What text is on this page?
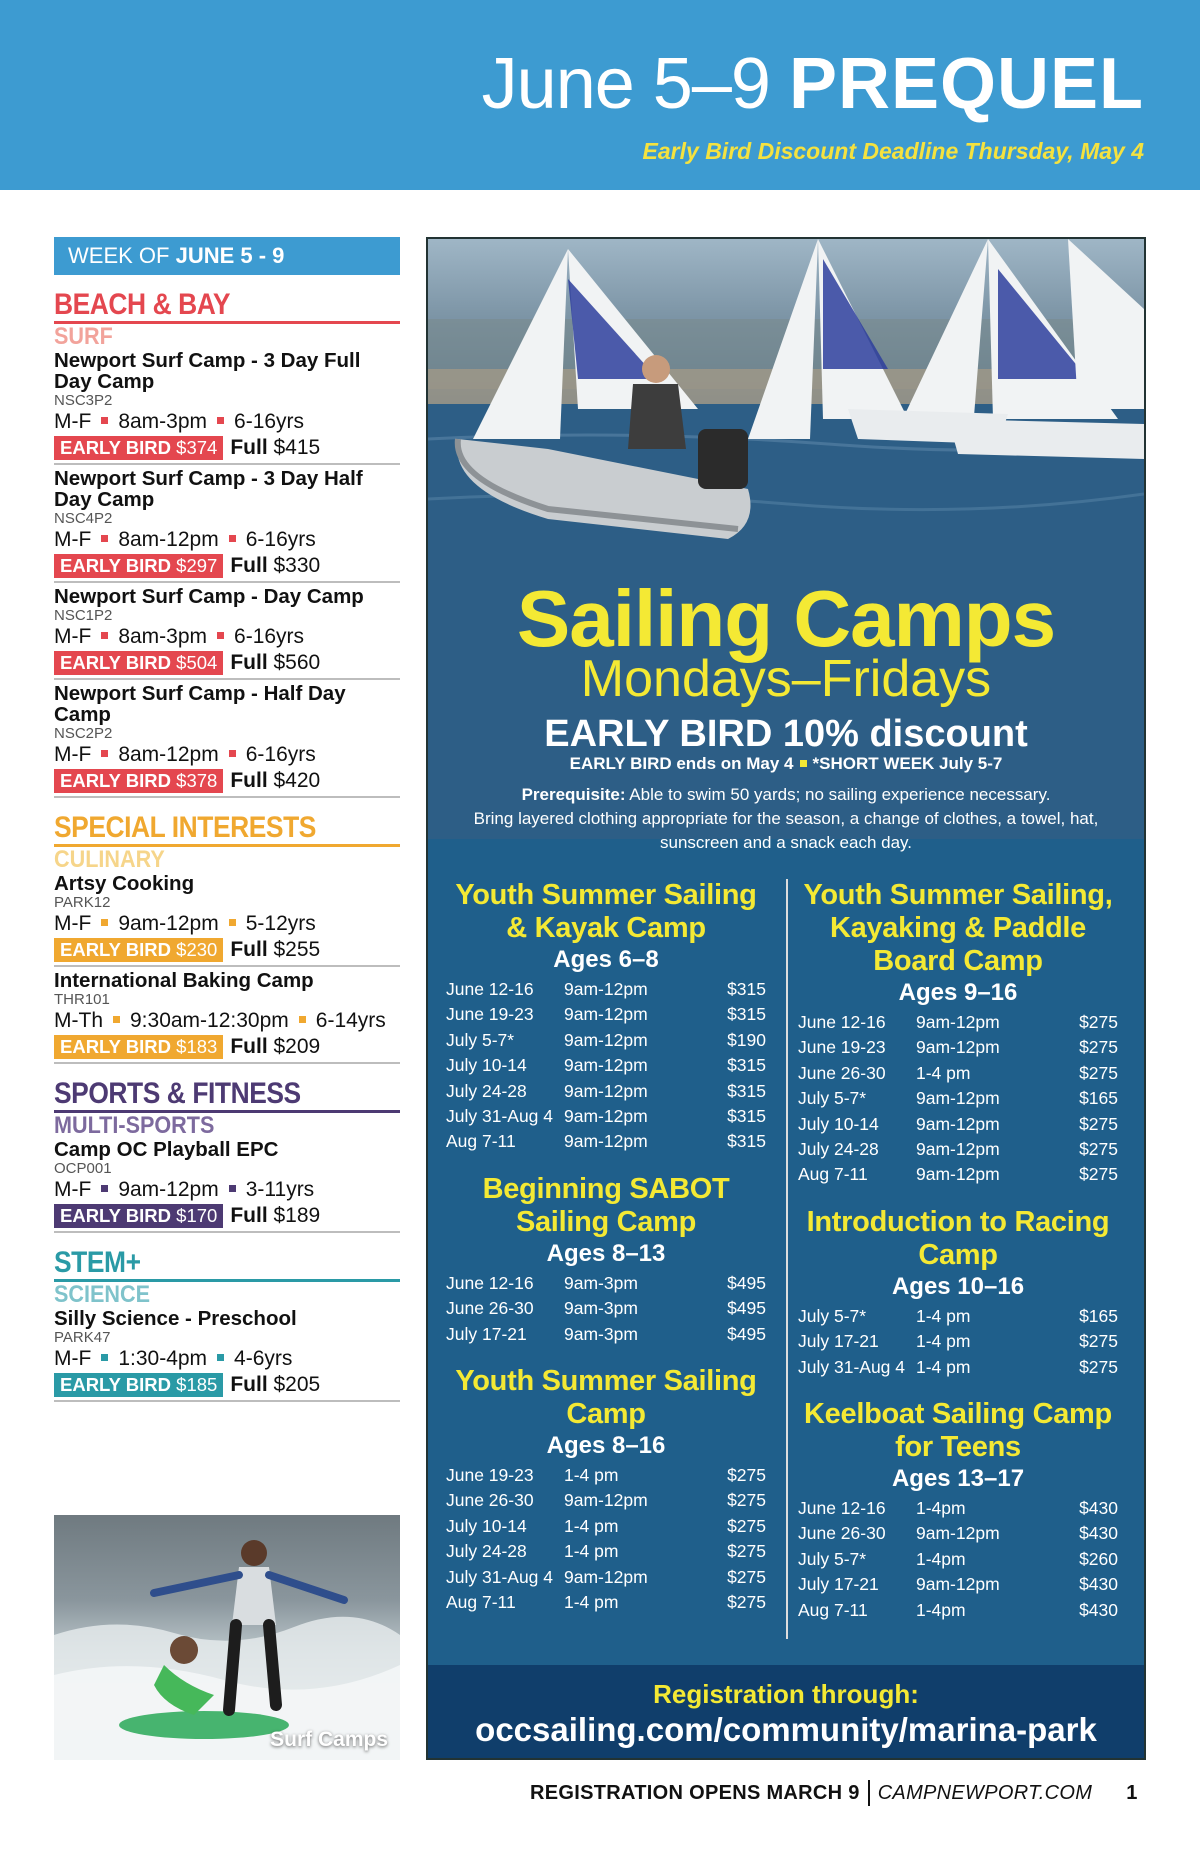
June 5–9 PREQUEL
Early Bird Discount Deadline Thursday, May 4
WEEK OF JUNE 5 - 9
BEACH & BAY
SURF
Newport Surf Camp - 3 Day Full Day Camp
NSC3P2
M-F 8am-3pm 6-16yrs
EARLY BIRD $374 Full $415
Newport Surf Camp - 3 Day Half Day Camp
NSC4P2
M-F 8am-12pm 6-16yrs
EARLY BIRD $297 Full $330
Newport Surf Camp - Day Camp
NSC1P2
M-F 8am-3pm 6-16yrs
EARLY BIRD $504 Full $560
Newport Surf Camp - Half Day Camp
NSC2P2
M-F 8am-12pm 6-16yrs
EARLY BIRD $378 Full $420
SPECIAL INTERESTS
CULINARY
Artsy Cooking
PARK12
M-F 9am-12pm 5-12yrs
EARLY BIRD $230 Full $255
International Baking Camp
THR101
M-Th 9:30am-12:30pm 6-14yrs
EARLY BIRD $183 Full $209
SPORTS & FITNESS
MULTI-SPORTS
Camp OC Playball EPC
OCP001
M-F 9am-12pm 3-11yrs
EARLY BIRD $170 Full $189
STEM+
SCIENCE
Silly Science - Preschool
PARK47
M-F 1:30-4pm 4-6yrs
EARLY BIRD $185 Full $205
Surf Camps
Sailing Camps
Mondays–Fridays
EARLY BIRD 10% discount
EARLY BIRD ends on May 4 *SHORT WEEK July 5-7
Prerequisite: Able to swim 50 yards; no sailing experience necessary.
Bring layered clothing appropriate for the season, a change of clothes, a towel, hat, sunscreen and a snack each day.
Youth Summer Sailing & Kayak Camp
Ages 6–8
June 12-16	9am-12pm	$315
June 19-23	9am-12pm	$315
July 5-7*	9am-12pm	$190
July 10-14	9am-12pm	$315
July 24-28	9am-12pm	$315
July 31-Aug 4 9am-12pm	$315
Aug 7-11	9am-12pm	$315
Beginning SABOT Sailing Camp
Ages 8–13
June 12-16	9am-3pm	$495
June 26-30	9am-3pm	$495
July 17-21	9am-3pm	$495
Youth Summer Sailing Camp
Ages 8–16
June 19-23	1-4 pm	$275
June 26-30	9am-12pm	$275
July 10-14	1-4 pm	$275
July 24-28	1-4 pm	$275
July 31-Aug 4 9am-12pm	$275
Aug 7-11	1-4 pm	$275
Youth Summer Sailing, Kayaking & Paddle Board Camp
Ages 9–16
June 12-16	9am-12pm	$275
June 19-23	9am-12pm	$275
June 26-30	1-4 pm	$275
July 5-7*	9am-12pm	$165
July 10-14	9am-12pm	$275
July 24-28	9am-12pm	$275
Aug 7-11	9am-12pm	$275
Introduction to Racing Camp
Ages 10–16
July 5-7*	1-4 pm	$165
July 17-21	1-4 pm	$275
July 31-Aug 4 1-4 pm	$275
Keelboat Sailing Camp for Teens
Ages 13–17
June 12-16	1-4pm	$430
June 26-30	9am-12pm	$430
July 5-7*	1-4pm	$260
July 17-21	9am-12pm	$430
Aug 7-11	1-4pm	$430
Registration through:
occsailing.com/community/marina-park
REGISTRATION OPENS MARCH 9 CAMPNEWPORT.COM 1
